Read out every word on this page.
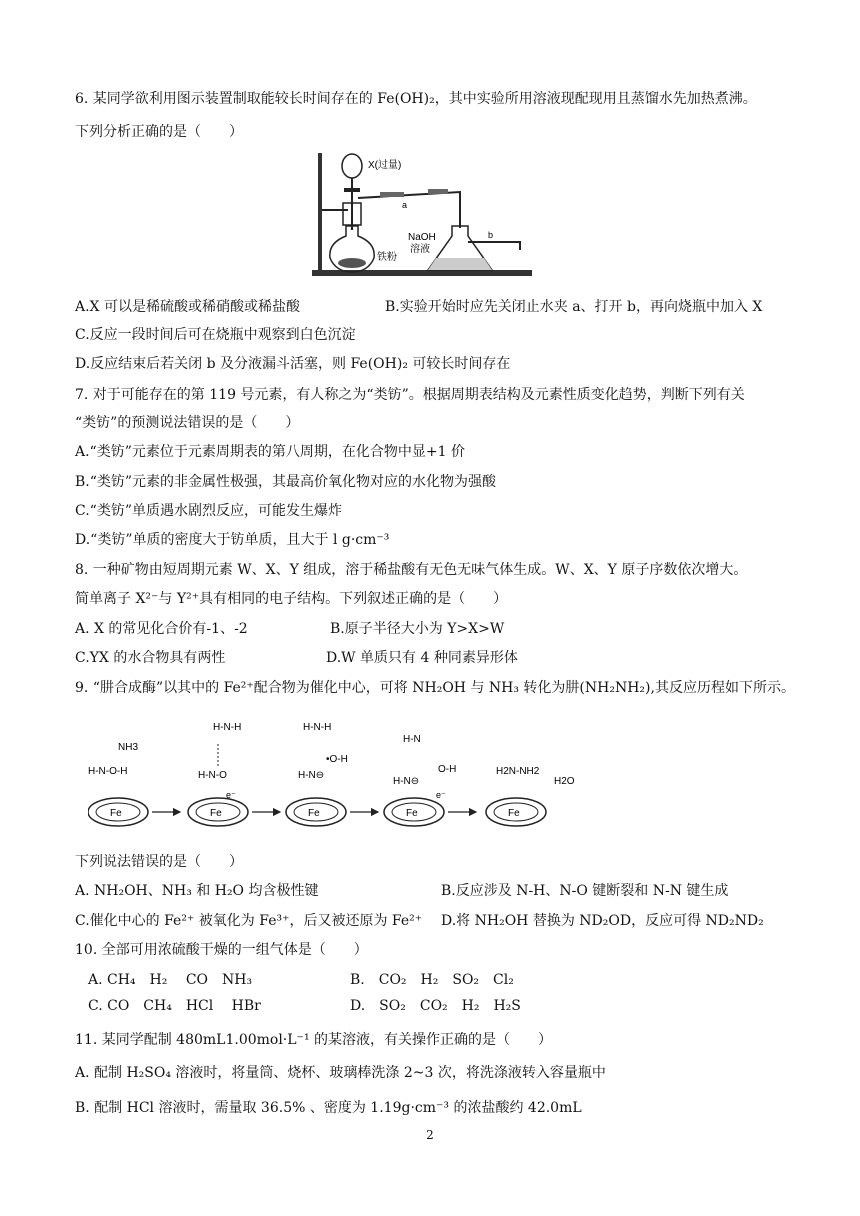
6. 某同学欲利用图示装置制取能较长时间存在的 Fe(OH)₂，其中实验所用溶液现配现用且蒸馏水先加热煮沸。
下列分析正确的是（　　）
X(过量)
铁粉
a
NaOH
溶液
b
A.X 可以是稀硫酸或稀硝酸或稀盐酸	B.实验开始时应先关闭止水夹 a、打开 b，再向烧瓶中加入 X
C.反应一段时间后可在烧瓶中观察到白色沉淀
D.反应结束后若关闭 b 及分液漏斗活塞，则 Fe(OH)₂ 可较长时间存在
7. 对于可能存在的第 119 号元素，有人称之为“类钫”。根据周期表结构及元素性质变化趋势，判断下列有关
“类钫”的预测说法错误的是（　　）
A.“类钫”元素位于元素周期表的第八周期，在化合物中显+1 价
B.“类钫”元素的非金属性极强，其最高价氧化物对应的水化物为强酸
C.“类钫”单质遇水剧烈反应，可能发生爆炸
D.“类钫”单质的密度大于钫单质，且大于 l g·cm⁻³
8. 一种矿物由短周期元素 W、X、Y 组成，溶于稀盐酸有无色无味气体生成。W、X、Y 原子序数依次增大。
简单离子 X²⁻与 Y²⁺具有相同的电子结构。下列叙述正确的是（　　）
A. X 的常见化合价有-1、-2	B.原子半径大小为 Y>X>W
C.YX 的水合物具有两性	D.W 单质只有 4 种同素异形体
9. “肼合成酶”以其中的 Fe²⁺配合物为催化中心，可将 NH₂OH 与 NH₃ 转化为肼(NH₂NH₂),其反应历程如下所示。
NH3
H-N-O-H
Fe
H-N-H
H-N-O
e⁻
Fe
H-N-H
•O-H
H-N⊖
Fe
H-N
O-H
H-N⊖
e⁻
Fe
H2N-NH2
H2O
Fe
下列说法错误的是（　　）
A. NH₂OH、NH₃ 和 H₂O 均含极性键	B.反应涉及 N-H、N-O 键断裂和 N-N 键生成
C.催化中心的 Fe²⁺ 被氧化为 Fe³⁺，后又被还原为 Fe²⁺ D.将 NH₂OH 替换为 ND₂OD，反应可得 ND₂ND₂
10. 全部可用浓硫酸干燥的一组气体是（　　）
A. CH₄　H₂　 CO　NH₃	B.　CO₂　H₂　SO₂　Cl₂
C. CO　CH₄　HCl　 HBr	D.　SO₂　CO₂　H₂　H₂S
11. 某同学配制 480mL1.00mol·L⁻¹ 的某溶液，有关操作正确的是（　　）
A. 配制 H₂SO₄ 溶液时，将量筒、烧杯、玻璃棒洗涤 2~3 次，将洗涤液转入容量瓶中
B. 配制 HCl 溶液时，需量取 36.5% 、密度为 1.19g·cm⁻³ 的浓盐酸约 42.0mL
2
